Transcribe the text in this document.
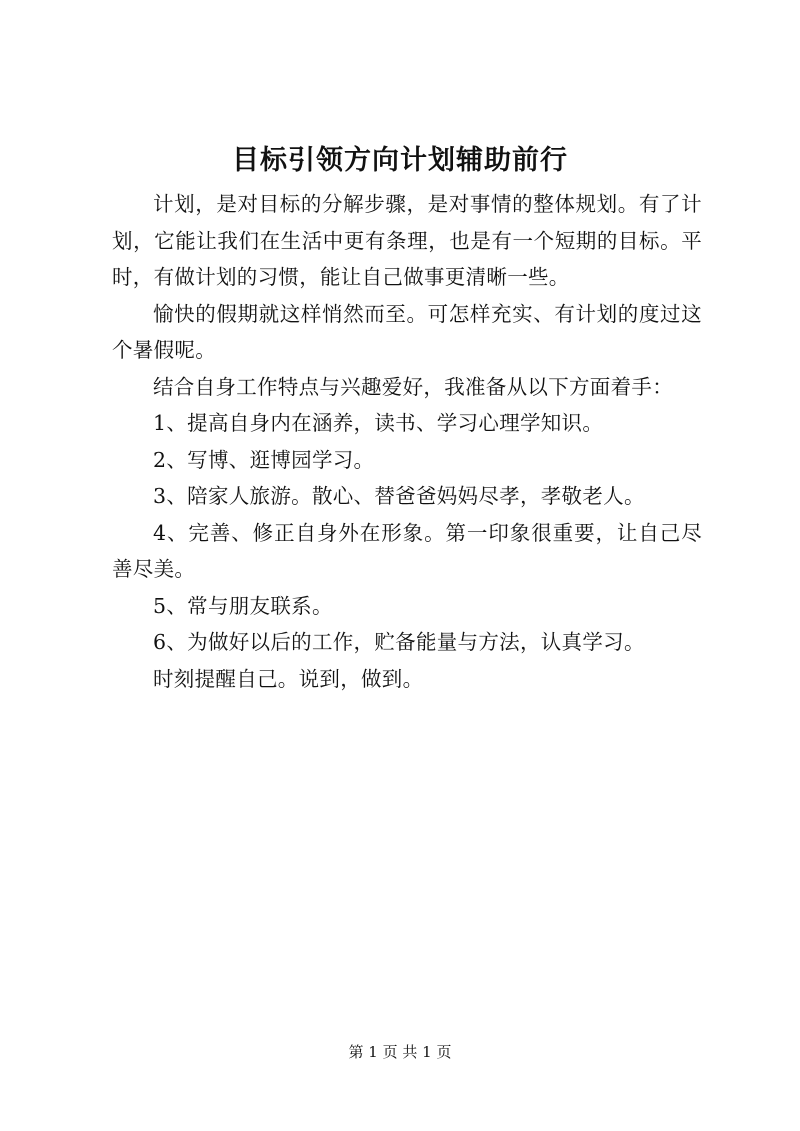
目标引领方向计划辅助前行

计划，是对目标的分解步骤，是对事情的整体规划。有了计划，它能让我们在生活中更有条理，也是有一个短期的目标。平时，有做计划的习惯，能让自己做事更清晰一些。

愉快的假期就这样悄然而至。可怎样充实、有计划的度过这个暑假呢。

结合自身工作特点与兴趣爱好，我准备从以下方面着手：

1、提高自身内在涵养，读书、学习心理学知识。

2、写博、逛博园学习。

3、陪家人旅游。散心、替爸爸妈妈尽孝，孝敬老人。

4、完善、修正自身外在形象。第一印象很重要，让自己尽善尽美。

5、常与朋友联系。

6、为做好以后的工作，贮备能量与方法，认真学习。

时刻提醒自己。说到，做到。

第 1 页 共 1 页
